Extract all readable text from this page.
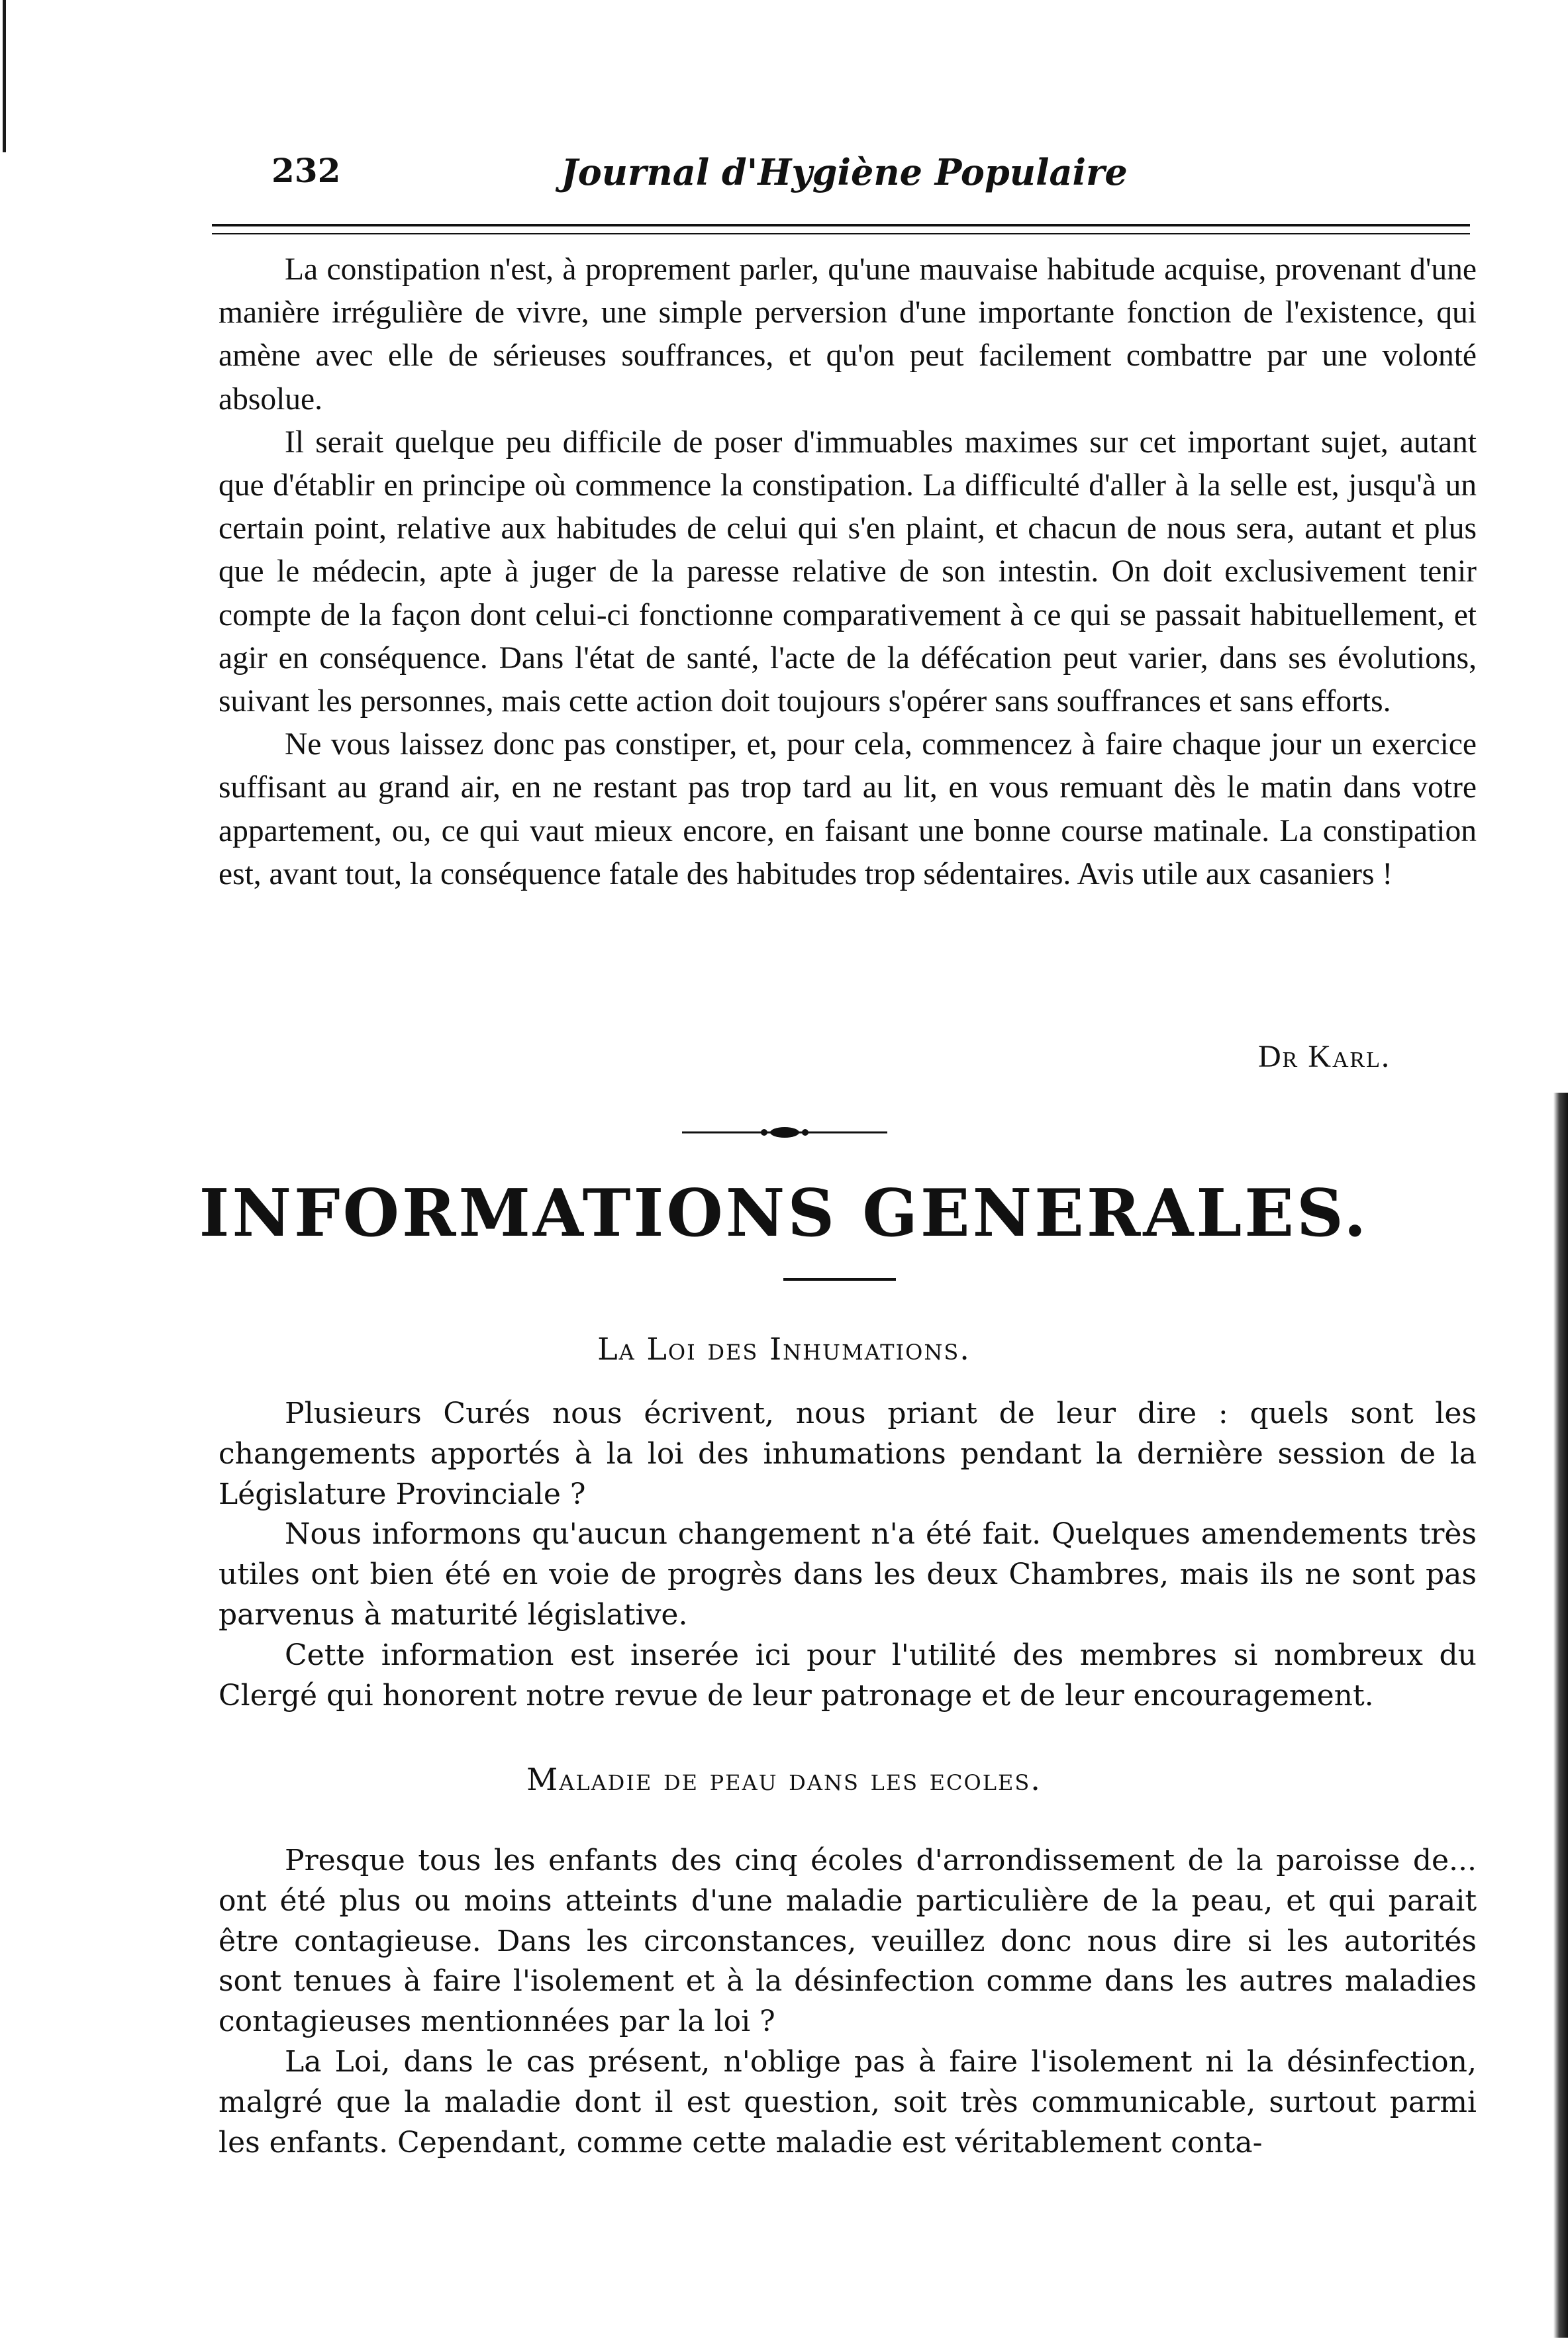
232	Journal d'Hygiène Populaire

La constipation n'est, à proprement parler, qu'une mauvaise habitude acquise, provenant d'une manière irrégulière de vivre, une simple perversion d'une importante fonction de l'existence, qui amène avec elle de sérieuses souffrances, et qu'on peut facilement combattre par une volonté absolue.

Il serait quelque peu difficile de poser d'immuables maximes sur cet important sujet, autant que d'établir en principe où commence la constipation. La difficulté d'aller à la selle est, jusqu'à un certain point, relative aux habitudes de celui qui s'en plaint, et chacun de nous sera, autant et plus que le médecin, apte à juger de la paresse relative de son intestin. On doit exclusivement tenir compte de la façon dont celui-ci fonctionne comparativement à ce qui se passait habituellement, et agir en conséquence. Dans l'état de santé, l'acte de la défécation peut varier, dans ses évolutions, suivant les personnes, mais cette action doit toujours s'opérer sans souffrances et sans efforts.

Ne vous laissez donc pas constiper, et, pour cela, commencez à faire chaque jour un exercice suffisant au grand air, en ne restant pas trop tard au lit, en vous remuant dès le matin dans votre appartement, ou, ce qui vaut mieux encore, en faisant une bonne course matinale. La constipation est, avant tout, la conséquence fatale des habitudes trop sédentaires. Avis utile aux casaniers !

Dr Karl.
INFORMATIONS GENERALES.
La Loi des Inhumations.

Plusieurs Curés nous écrivent, nous priant de leur dire : quels sont les changements apportés à la loi des inhumations pendant la dernière session de la Législature Provinciale ?

Nous informons qu'aucun changement n'a été fait. Quelques amendements très utiles ont bien été en voie de progrès dans les deux Chambres, mais ils ne sont pas parvenus à maturité législative.

Cette information est inserée ici pour l'utilité des membres si nombreux du Clergé qui honorent notre revue de leur patronage et de leur encouragement.

Maladie de peau dans les ecoles.

Presque tous les enfants des cinq écoles d'arrondissement de la paroisse de... ont été plus ou moins atteints d'une maladie particulière de la peau, et qui parait être contagieuse. Dans les circonstances, veuillez donc nous dire si les autorités sont tenues à faire l'isolement et à la désinfection comme dans les autres maladies contagieuses mentionnées par la loi ?

La Loi, dans le cas présent, n'oblige pas à faire l'isolement ni la désinfection, malgré que la maladie dont il est question, soit très communicable, surtout parmi les enfants. Cependant, comme cette maladie est véritablement conta-
